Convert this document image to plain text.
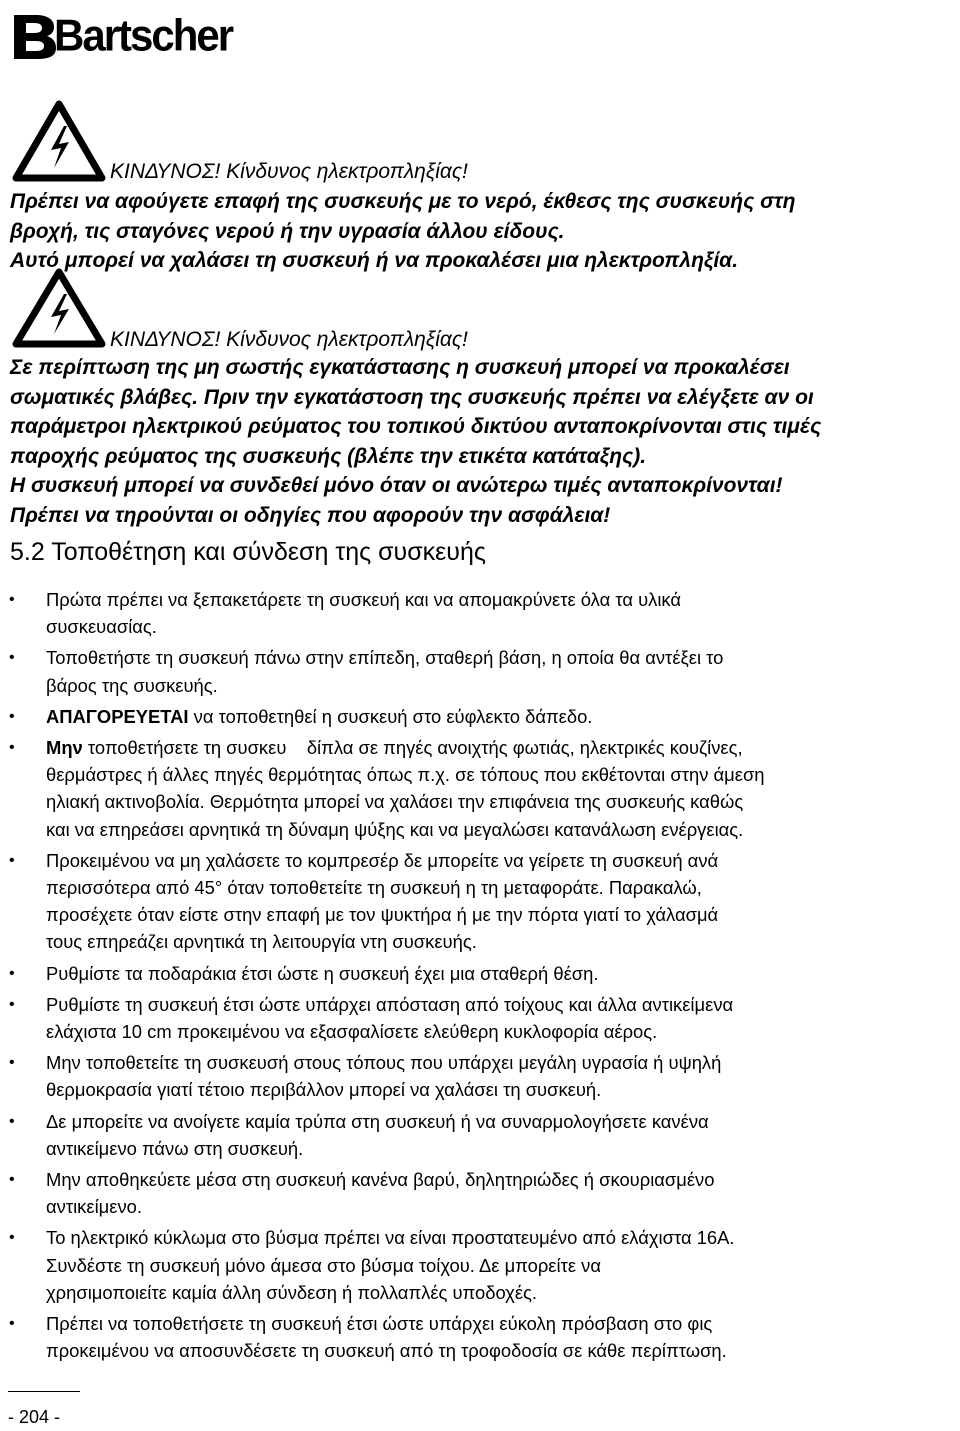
Bartscher
ΚΙΝΔΥΝΟΣ! Κίνδυνος ηλεκτροπληξίας!
Πρέπει να αφούγετε επαφή της συσκευής με το νερό, έκθεσς της συσκευής στη
βροχή, τις σταγόνες νερού ή την υγρασία άλλου είδους.
Αυτό μπορεί να χαλάσει τη συσκευή ή να προκαλέσει μια ηλεκτροπληξία.
ΚΙΝΔΥΝΟΣ! Κίνδυνος ηλεκτροπληξίας!
Σε περίπτωση της μη σωστής εγκατάστασης η συσκευή μπορεί να προκαλέσει
σωματικές βλάβες. Πριν την εγκατάστοση της συσκευής πρέπει να ελέγξετε αν οι
παράμετροι ηλεκτρικού ρεύματος του τοπικού δικτύου ανταποκρίνονται στις τιμές
παροχής ρεύματος της συσκευής (βλέπε την ετικέτα κατάταξης).
Η συσκευή μπορεί να συνδεθεί μόνο όταν οι ανώτερω τιμές ανταποκρίνονται!
Πρέπει να τηρούνται οι οδηγίες που αφορούν την ασφάλεια!
5.2 Τοποθέτηση και σύνδεση της συσκευής
• Πρώτα πρέπει να ξεπακετάρετε τη συσκευή και να απομακρύνετε όλα τα υλικά
συσκευασίας.
• Τοποθετήστε τη συσκευή πάνω στην επίπεδη, σταθερή βάση, η οποία θα αντέξει το
βάρος της συσκευής.
• ΑΠΑΓΟΡΕΥΕΤΑΙ να τοποθετηθεί η συσκευή στο εύφλεκτο δάπεδο.
• Μην τοποθετήσετε τη συσκευ    δίπλα σε πηγές ανοιχτής φωτιάς, ηλεκτρικές κουζίνες,
θερμάστρες ή άλλες πηγές θερμότητας όπως π.χ. σε τόπους που εκθέτονται στην άμεση
ηλιακή ακτινοβολία. Θερμότητα μπορεί να χαλάσει την επιφάνεια της συσκευής καθώς
και να επηρεάσει αρνητικά τη δύναμη ψύξης και να μεγαλώσει κατανάλωση ενέργειας.
• Προκειμένου να μη χαλάσετε το κομπρεσέρ δε μπορείτε να γείρετε τη συσκευή ανά
περισσότερα από 45° όταν τοποθετείτε τη συσκευή η τη μεταφοράτε. Παρακαλώ,
προσέχετε όταν είστε στην επαφή με τον ψυκτήρα ή με την πόρτα γιατί το χάλασμά
τους επηρεάζει αρνητικά τη λειτουργία ντη συσκευής.
• Ρυθμίστε τα ποδαράκια έτσι ώστε η συσκευή έχει μια σταθερή θέση.
• Ρυθμίστε τη συσκευή έτσι ώστε υπάρχει απόσταση από τοίχους και άλλα αντικείμενα
ελάχιστα 10 cm προκειμένου να εξασφαλίσετε ελεύθερη κυκλοφορία αέρος.
• Μην τοποθετείτε τη συσκευσή στους τόπους που υπάρχει μεγάλη υγρασία ή υψηλή
θερμοκρασία γιατί τέτοιο περιβάλλον μπορεί να χαλάσει τη συσκευή.
• Δε μπορείτε να ανοίγετε καμία τρύπα στη συσκευή ή να συναρμολογήσετε κανένα
αντικείμενο πάνω στη συσκευή.
• Μην αποθηκεύετε μέσα στη συσκευή κανένα βαρύ, δηλητηριώδες ή σκουριασμένο
αντικείμενο.
• Το ηλεκτρικό κύκλωμα στο βύσμα πρέπει να είναι προστατευμένο από ελάχιστα 16A.
Συνδέστε τη συσκευή μόνο άμεσα στο βύσμα τοίχου. Δε μπορείτε να
χρησιμοποιείτε καμία άλλη σύνδεση ή πολλαπλές υποδοχές.
• Πρέπει να τοποθετήσετε τη συσκευή έτσι ώστε υπάρχει εύκολη πρόσβαση στο φις
προκειμένου να αποσυνδέσετε τη συσκευή από τη τροφοδοσία σε κάθε περίπτωση.
- 204 -
